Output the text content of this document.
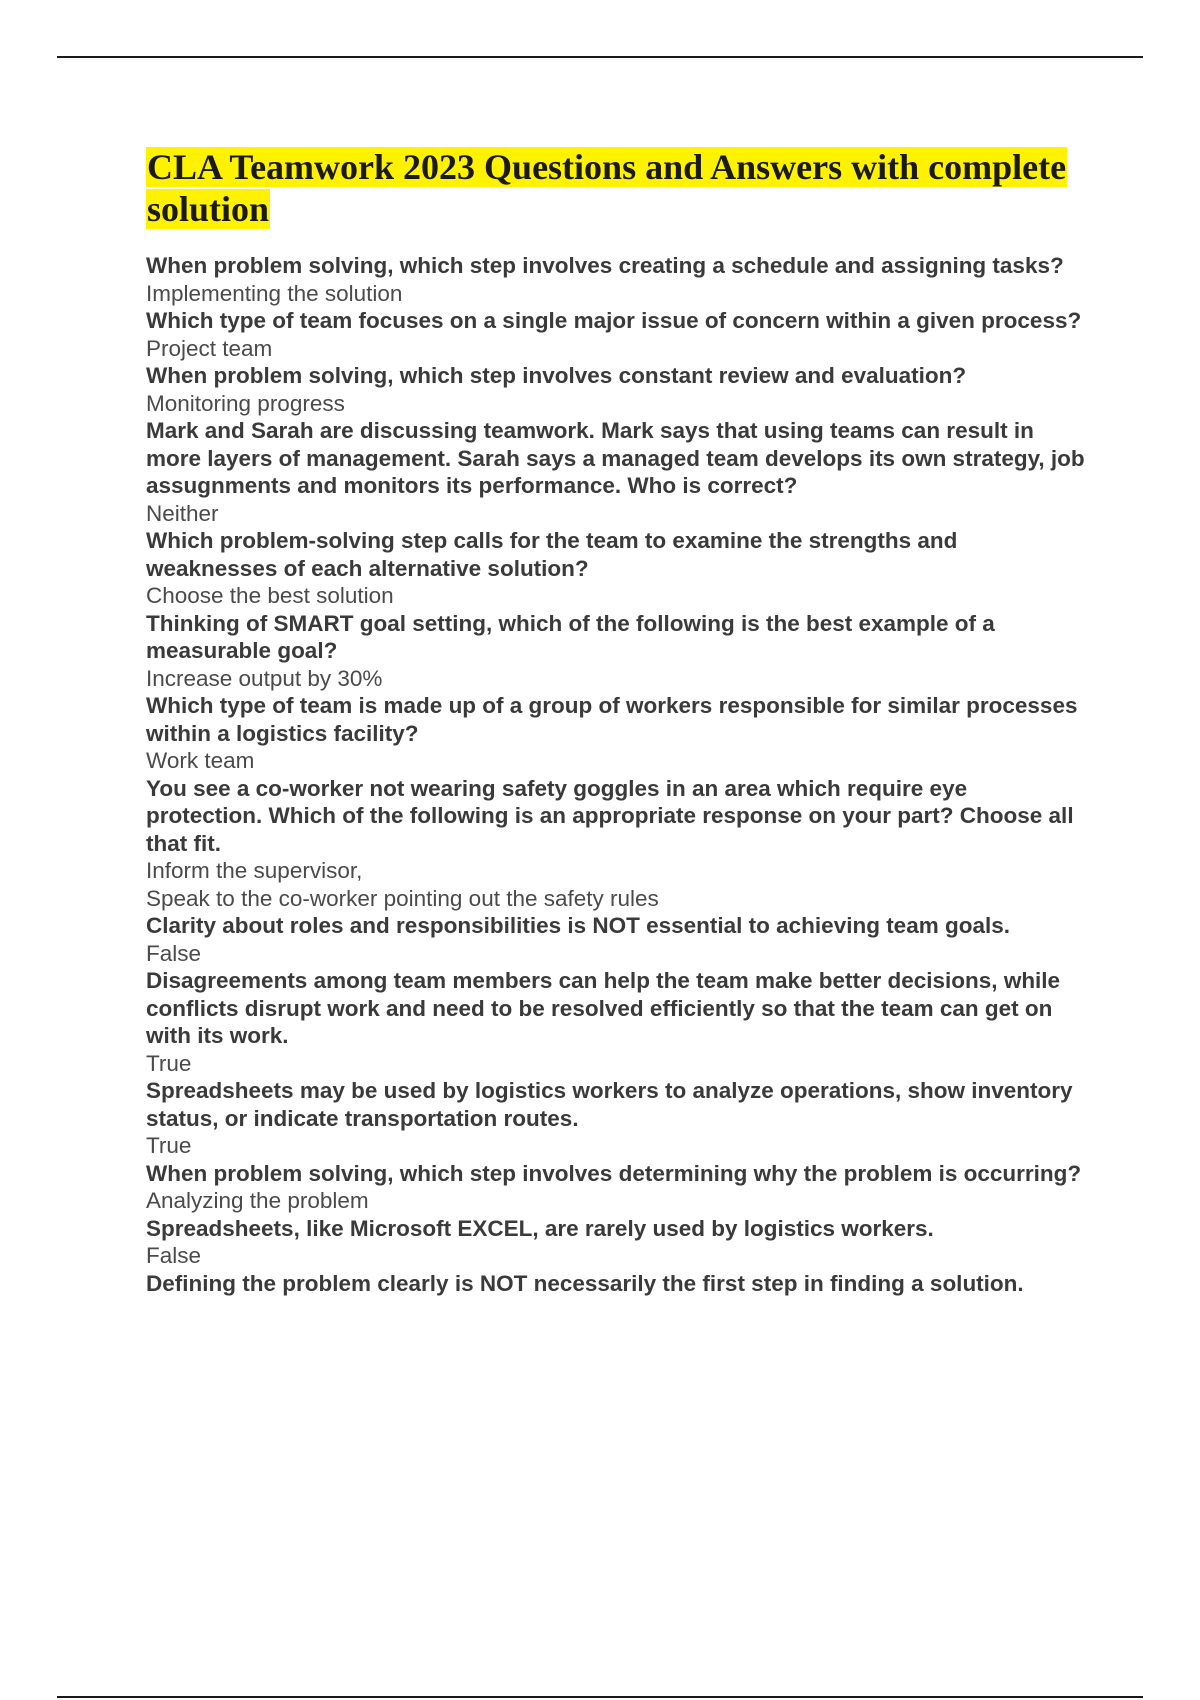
CLA Teamwork 2023 Questions and Answers with complete solution

When problem solving, which step involves creating a schedule and assigning tasks?

Implementing the solution

Which type of team focuses on a single major issue of concern within a given process?

Project team

When problem solving, which step involves constant review and evaluation?

Monitoring progress

Mark and Sarah are discussing teamwork. Mark says that using teams can result in more layers of management. Sarah says a managed team develops its own strategy, job assugnments and monitors its performance. Who is correct?

Neither

Which problem-solving step calls for the team to examine the strengths and weaknesses of each alternative solution?

Choose the best solution

Thinking of SMART goal setting, which of the following is the best example of a measurable goal?

Increase output by 30%

Which type of team is made up of a group of workers responsible for similar processes within a logistics facility?

Work team

You see a co-worker not wearing safety goggles in an area which require eye protection. Which of the following is an appropriate response on your part? Choose all that fit.

Inform the supervisor,

Speak to the co-worker pointing out the safety rules

Clarity about roles and responsibilities is NOT essential to achieving team goals.

False

Disagreements among team members can help the team make better decisions, while conflicts disrupt work and need to be resolved efficiently so that the team can get on with its work.

True

Spreadsheets may be used by logistics workers to analyze operations, show inventory status, or indicate transportation routes.

True

When problem solving, which step involves determining why the problem is occurring?

Analyzing the problem

Spreadsheets, like Microsoft EXCEL, are rarely used by logistics workers.

False

Defining the problem clearly is NOT necessarily the first step in finding a solution.
